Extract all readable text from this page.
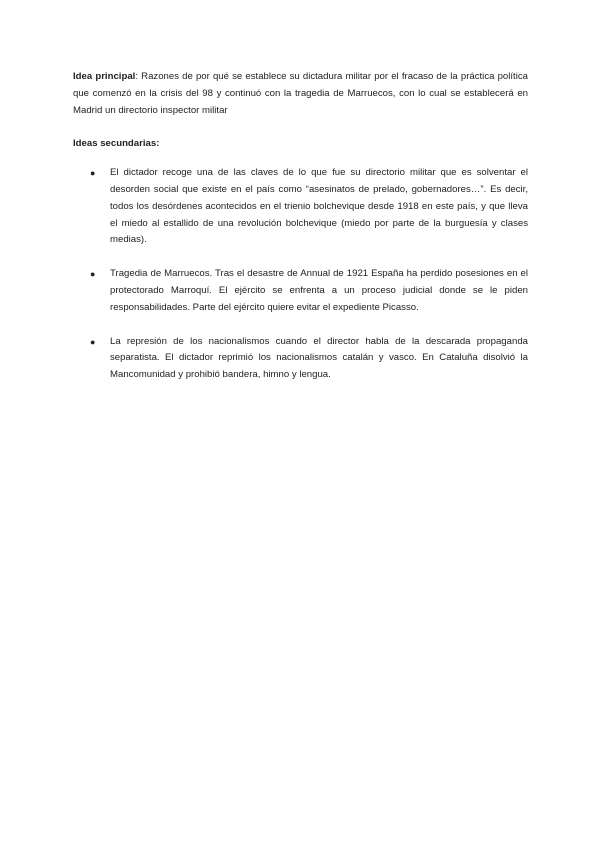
Idea principal: Razones de por qué se establece su dictadura militar por el fracaso de la práctica política que comenzó en la crisis del 98 y continuó con la tragedia de Marruecos, con lo cual se establecerá en Madrid un directorio inspector militar

Ideas secundarias:
● El dictador recoge una de las claves de lo que fue su directorio militar que es solventar el desorden social que existe en el país como “asesinatos de prelado, gobernadores…”. Es decir, todos los desórdenes acontecidos en el trienio bolchevique desde 1918 en este país, y que lleva el miedo al estallido de una revolución bolchevique (miedo por parte de la burguesía y clases medias).
● Tragedia de Marruecos. Tras el desastre de Annual de 1921 España ha perdido posesiones en el protectorado Marroquí. El ejército se enfrenta a un proceso judicial donde se le piden responsabilidades. Parte del ejército quiere evitar el expediente Picasso.
● La represión de los nacionalismos cuando el director habla de la descarada propaganda separatista. El dictador reprimió los nacionalismos catalán y vasco. En Cataluña disolvió la Mancomunidad y prohibió bandera, himno y lengua.
